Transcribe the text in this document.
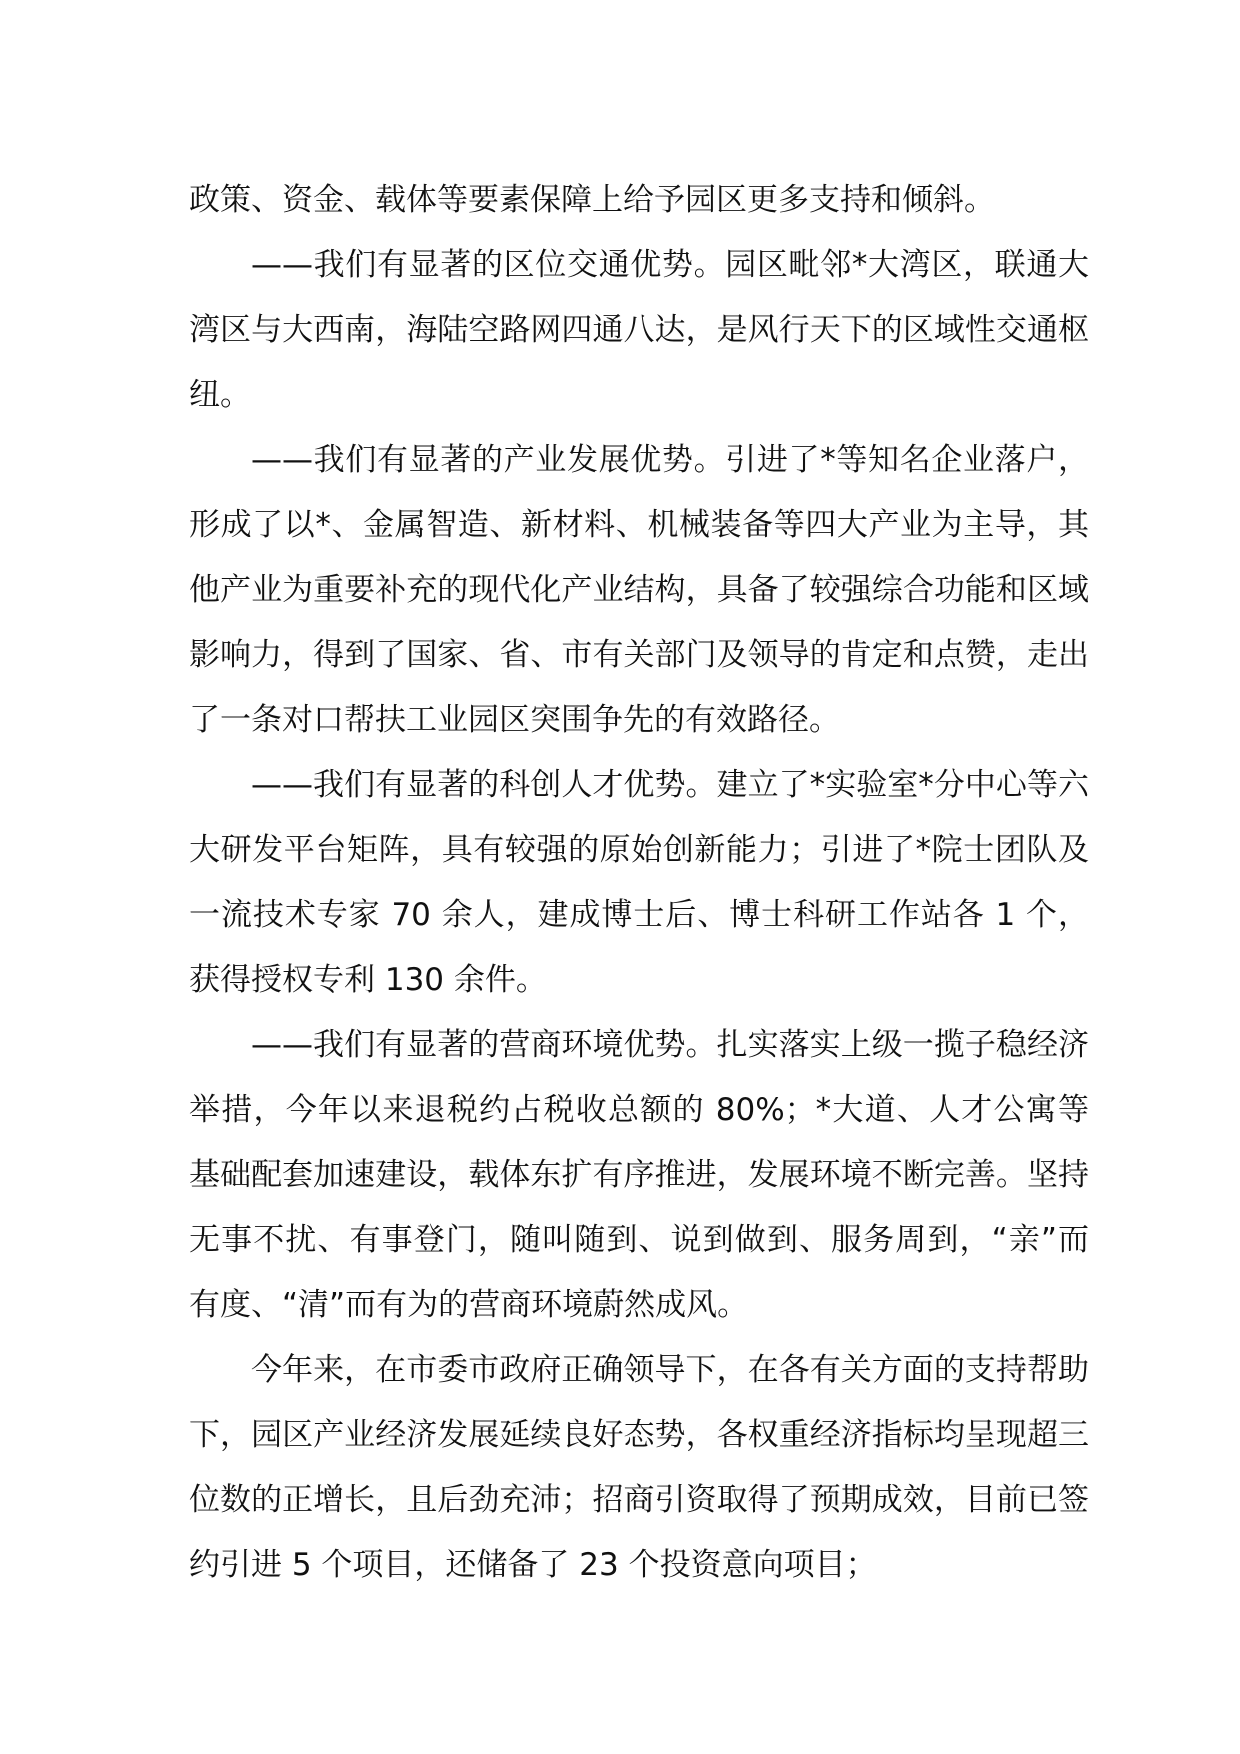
政策、资金、载体等要素保障上给予园区更多支持和倾斜。

——我们有显著的区位交通优势。园区毗邻*大湾区，联通大湾区与大西南，海陆空路网四通八达，是风行天下的区域性交通枢纽。

——我们有显著的产业发展优势。引进了*等知名企业落户，形成了以*、金属智造、新材料、机械装备等四大产业为主导，其他产业为重要补充的现代化产业结构，具备了较强综合功能和区域影响力，得到了国家、省、市有关部门及领导的肯定和点赞，走出了一条对口帮扶工业园区突围争先的有效路径。

——我们有显著的科创人才优势。建立了*实验室*分中心等六大研发平台矩阵，具有较强的原始创新能力；引进了*院士团队及一流技术专家 70 余人，建成博士后、博士科研工作站各 1 个，获得授权专利 130 余件。

——我们有显著的营商环境优势。扎实落实上级一揽子稳经济举措，今年以来退税约占税收总额的 80%；*大道、人才公寓等基础配套加速建设，载体东扩有序推进，发展环境不断完善。坚持无事不扰、有事登门，随叫随到、说到做到、服务周到，“亲”而有度、“清”而有为的营商环境蔚然成风。

今年来，在市委市政府正确领导下，在各有关方面的支持帮助下，园区产业经济发展延续良好态势，各权重经济指标均呈现超三位数的正增长，且后劲充沛；招商引资取得了预期成效，目前已签约引进 5 个项目，还储备了 23 个投资意向项目；
